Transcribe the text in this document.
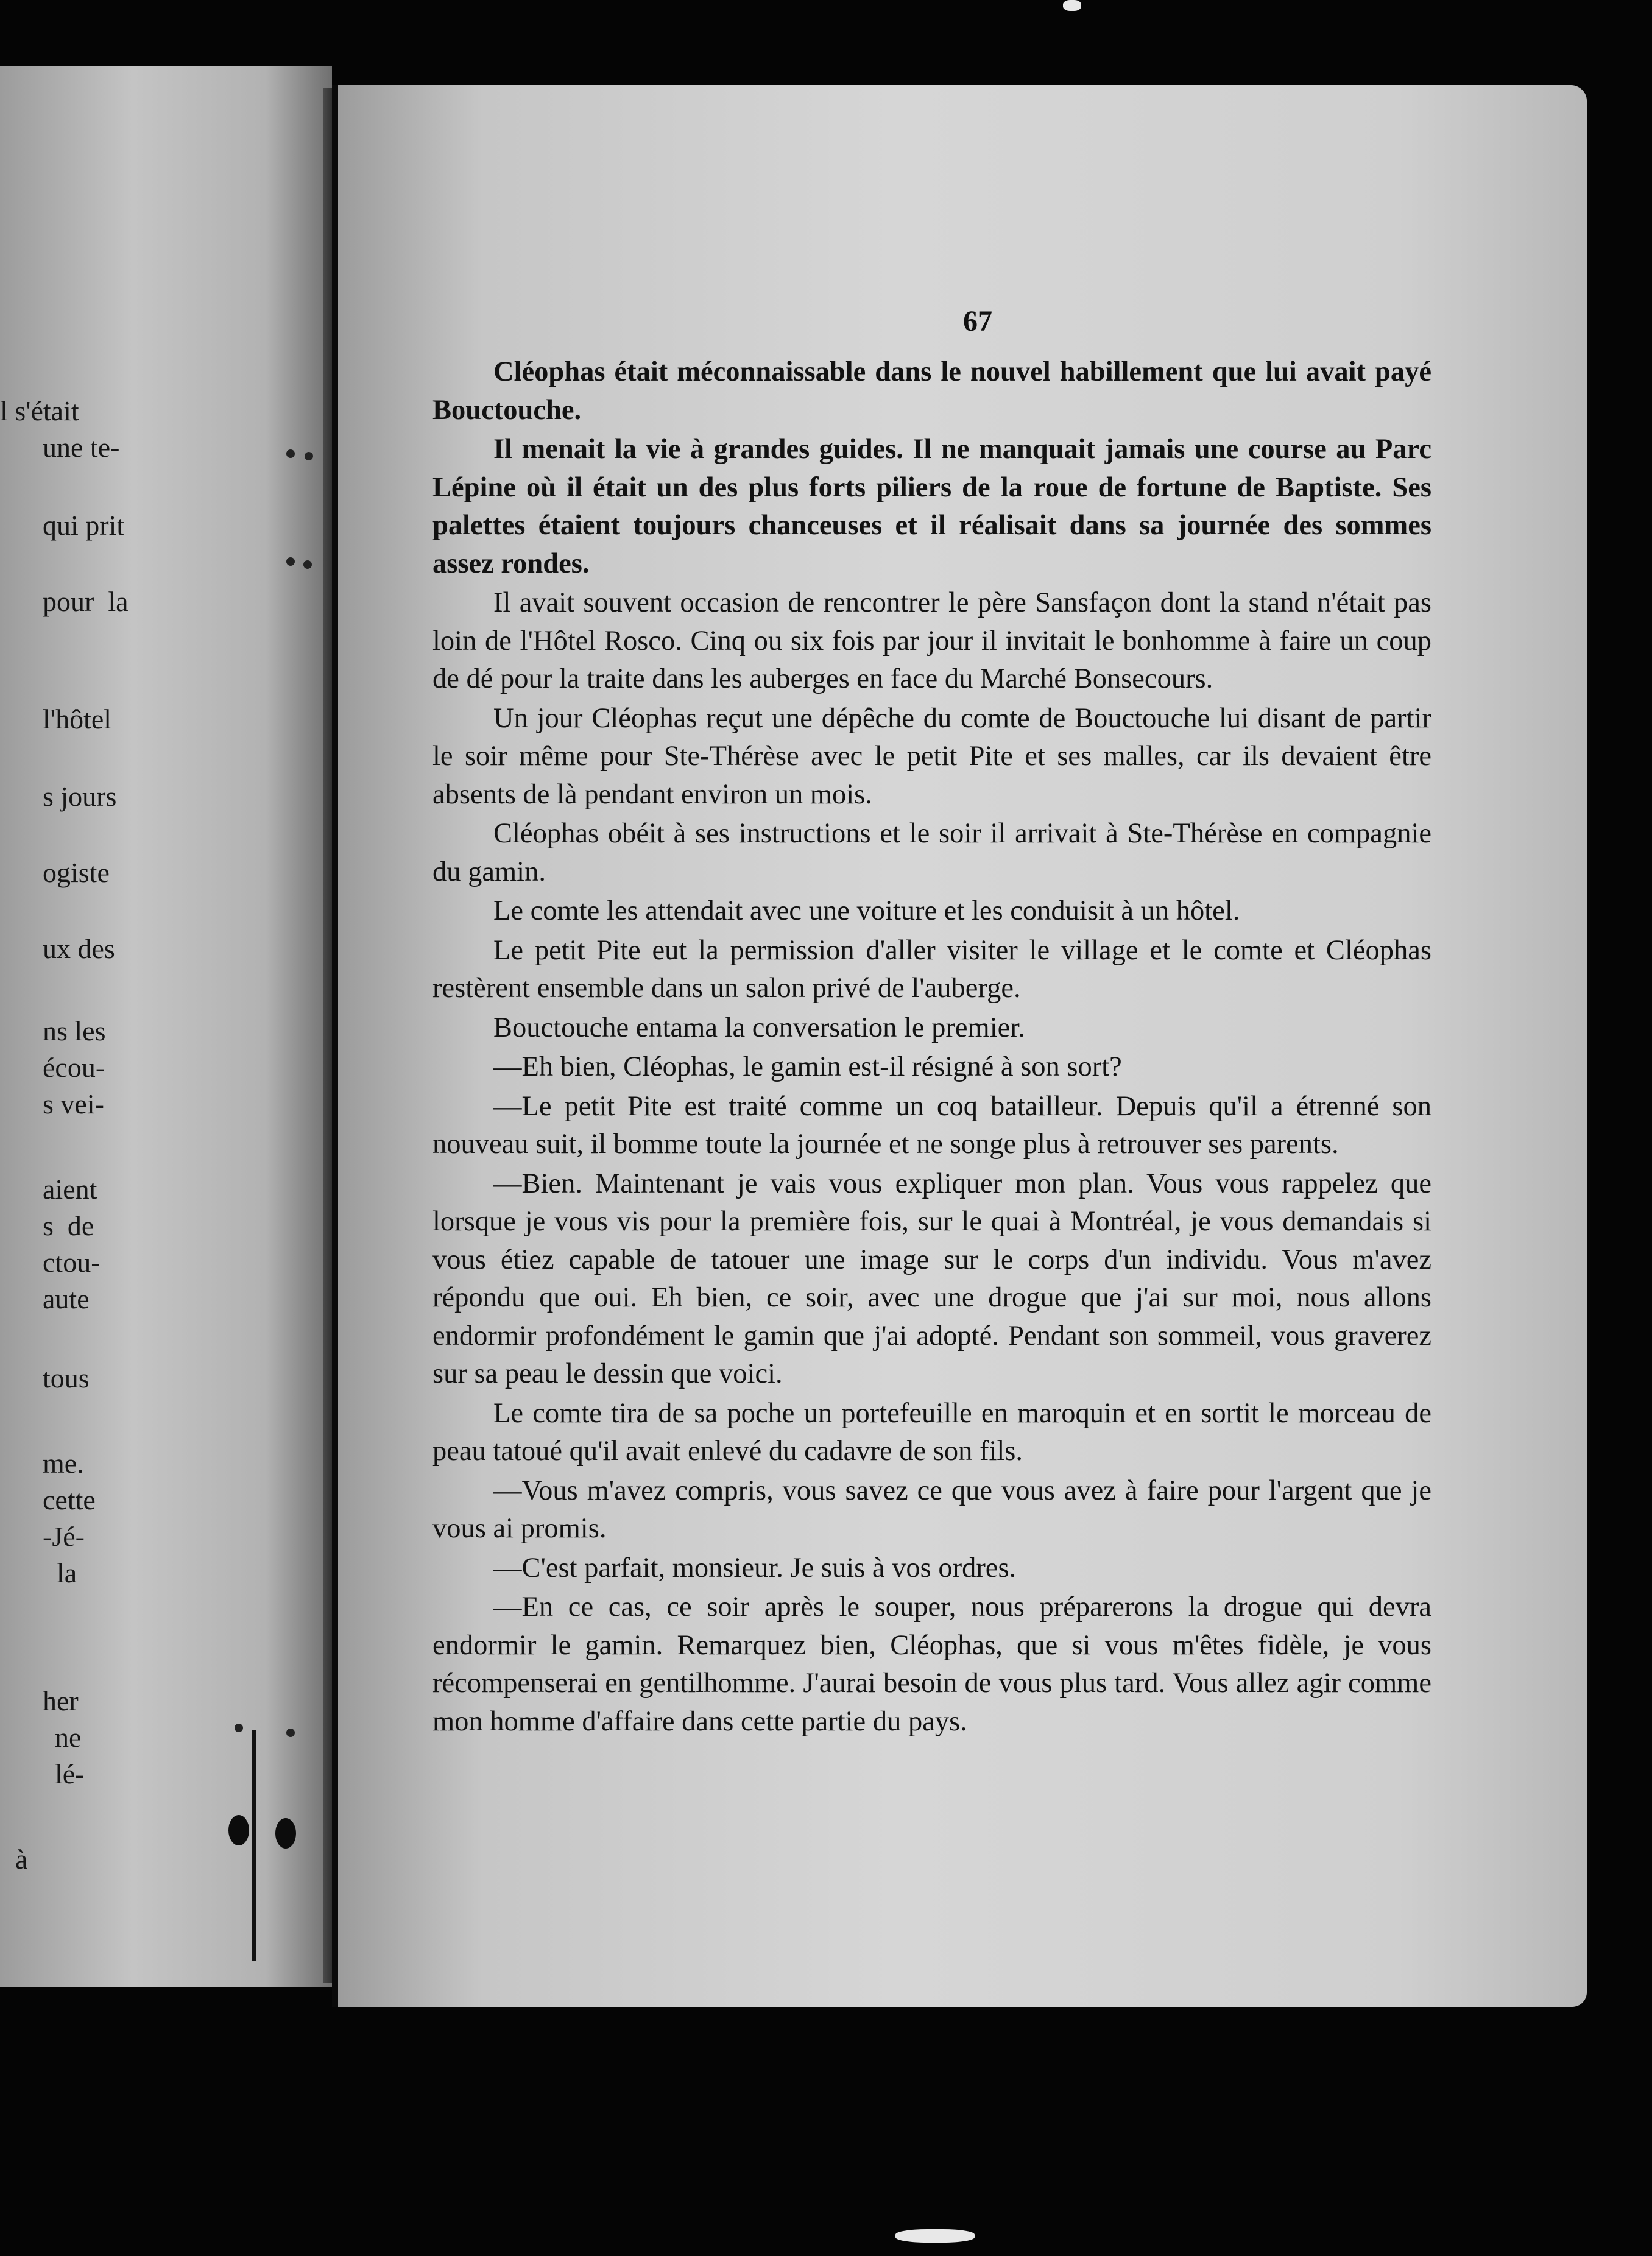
l s'était
une te-
qui prit
pour  la
l'hôtel
s jours
ogiste
ux des
ns les
écou-
s vei-
aient
s  de
ctou-
aute
tous
me.
cette
-Jé-
la
her
ne
lé-
à
67

Cléophas était méconnaissable dans le nouvel habillement que lui avait payé Bouctouche.

Il menait la vie à grandes guides. Il ne manquait jamais une course au Parc Lépine où il était un des plus forts piliers de la roue de fortune de Baptiste. Ses palettes étaient toujours chanceuses et il réalisait dans sa journée des sommes assez rondes.

Il avait souvent occasion de rencontrer le père Sansfaçon dont la stand n'était pas loin de l'Hôtel Rosco. Cinq ou six fois par jour il invitait le bonhomme à faire un coup de dé pour la traite dans les auberges en face du Marché Bonsecours.

Un jour Cléophas reçut une dépêche du comte de Bouctouche lui disant de partir le soir même pour Ste-Thérèse avec le petit Pite et ses malles, car ils devaient être absents de là pendant environ un mois.

Cléophas obéit à ses instructions et le soir il arrivait à Ste-Thérèse en compagnie du gamin.

Le comte les attendait avec une voiture et les conduisit à un hôtel.

Le petit Pite eut la permission d'aller visiter le village et le comte et Cléophas restèrent ensemble dans un salon privé de l'auberge.

Bouctouche entama la conversation le premier.

—Eh bien, Cléophas, le gamin est-il résigné à son sort?

—Le petit Pite est traité comme un coq batailleur. Depuis qu'il a étrenné son nouveau suit, il bomme toute la journée et ne songe plus à retrouver ses parents.

—Bien. Maintenant je vais vous expliquer mon plan. Vous vous rappelez que lorsque je vous vis pour la première fois, sur le quai à Montréal, je vous demandais si vous étiez capable de tatouer une image sur le corps d'un individu. Vous m'avez répondu que oui. Eh bien, ce soir, avec une drogue que j'ai sur moi, nous allons endormir profondément le gamin que j'ai adopté. Pendant son sommeil, vous graverez sur sa peau le dessin que voici.

Le comte tira de sa poche un portefeuille en maroquin et en sortit le morceau de peau tatoué qu'il avait enlevé du cadavre de son fils.

—Vous m'avez compris, vous savez ce que vous avez à faire pour l'argent que je vous ai promis.

—C'est parfait, monsieur. Je suis à vos ordres.

—En ce cas, ce soir après le souper, nous préparerons la drogue qui devra endormir le gamin. Remarquez bien, Cléophas, que si vous m'êtes fidèle, je vous récompenserai en gentilhomme. J'aurai besoin de vous plus tard. Vous allez agir comme mon homme d'affaire dans cette partie du pays.
